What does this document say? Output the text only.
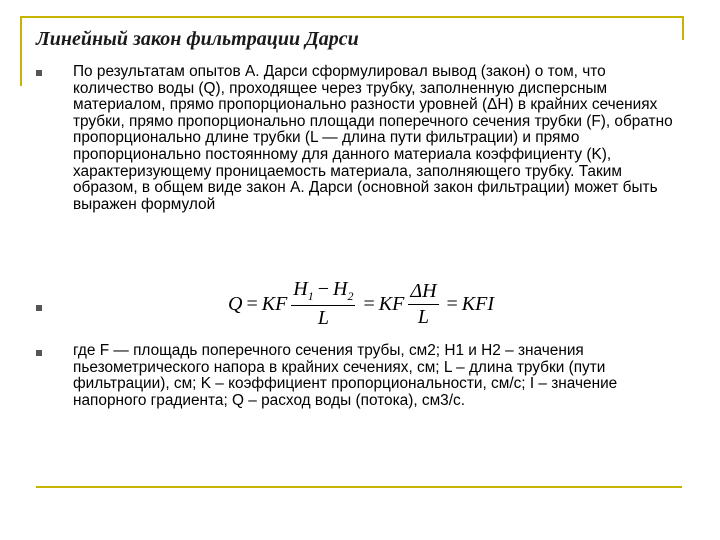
Линейный закон фильтрации Дарси
По результатам опытов А. Дарси сформулировал вывод (закон) о том, что количество воды (Q), проходящее через трубку, заполненную дисперсным материалом, прямо пропорционально разности уровней (ΔH) в крайних сечениях трубки, прямо пропорционально площади поперечного сечения трубки (F), обратно пропорционально длине трубки (L — длина пути фильтрации) и прямо пропорционально постоянному для данного материала коэффициенту (K), характеризующему проницаемость материала, заполняющего трубку. Таким образом, в общем виде закон А. Дарси (основной закон фильтрации) может быть выражен формулой
Q = KF $\frac{H_1 - H_2}{L}$ = KF $\frac{\Delta H}{L}$ = KFI
где F — площадь поперечного сечения трубы, см2; H1 и H2 – значения пьезометрического напора в крайних сечениях, см; L – длина трубки (пути фильтрации), см; K – коэффициент пропорциональности, см/с; I – значение напорного градиента; Q – расход воды (потока), см3/с.
